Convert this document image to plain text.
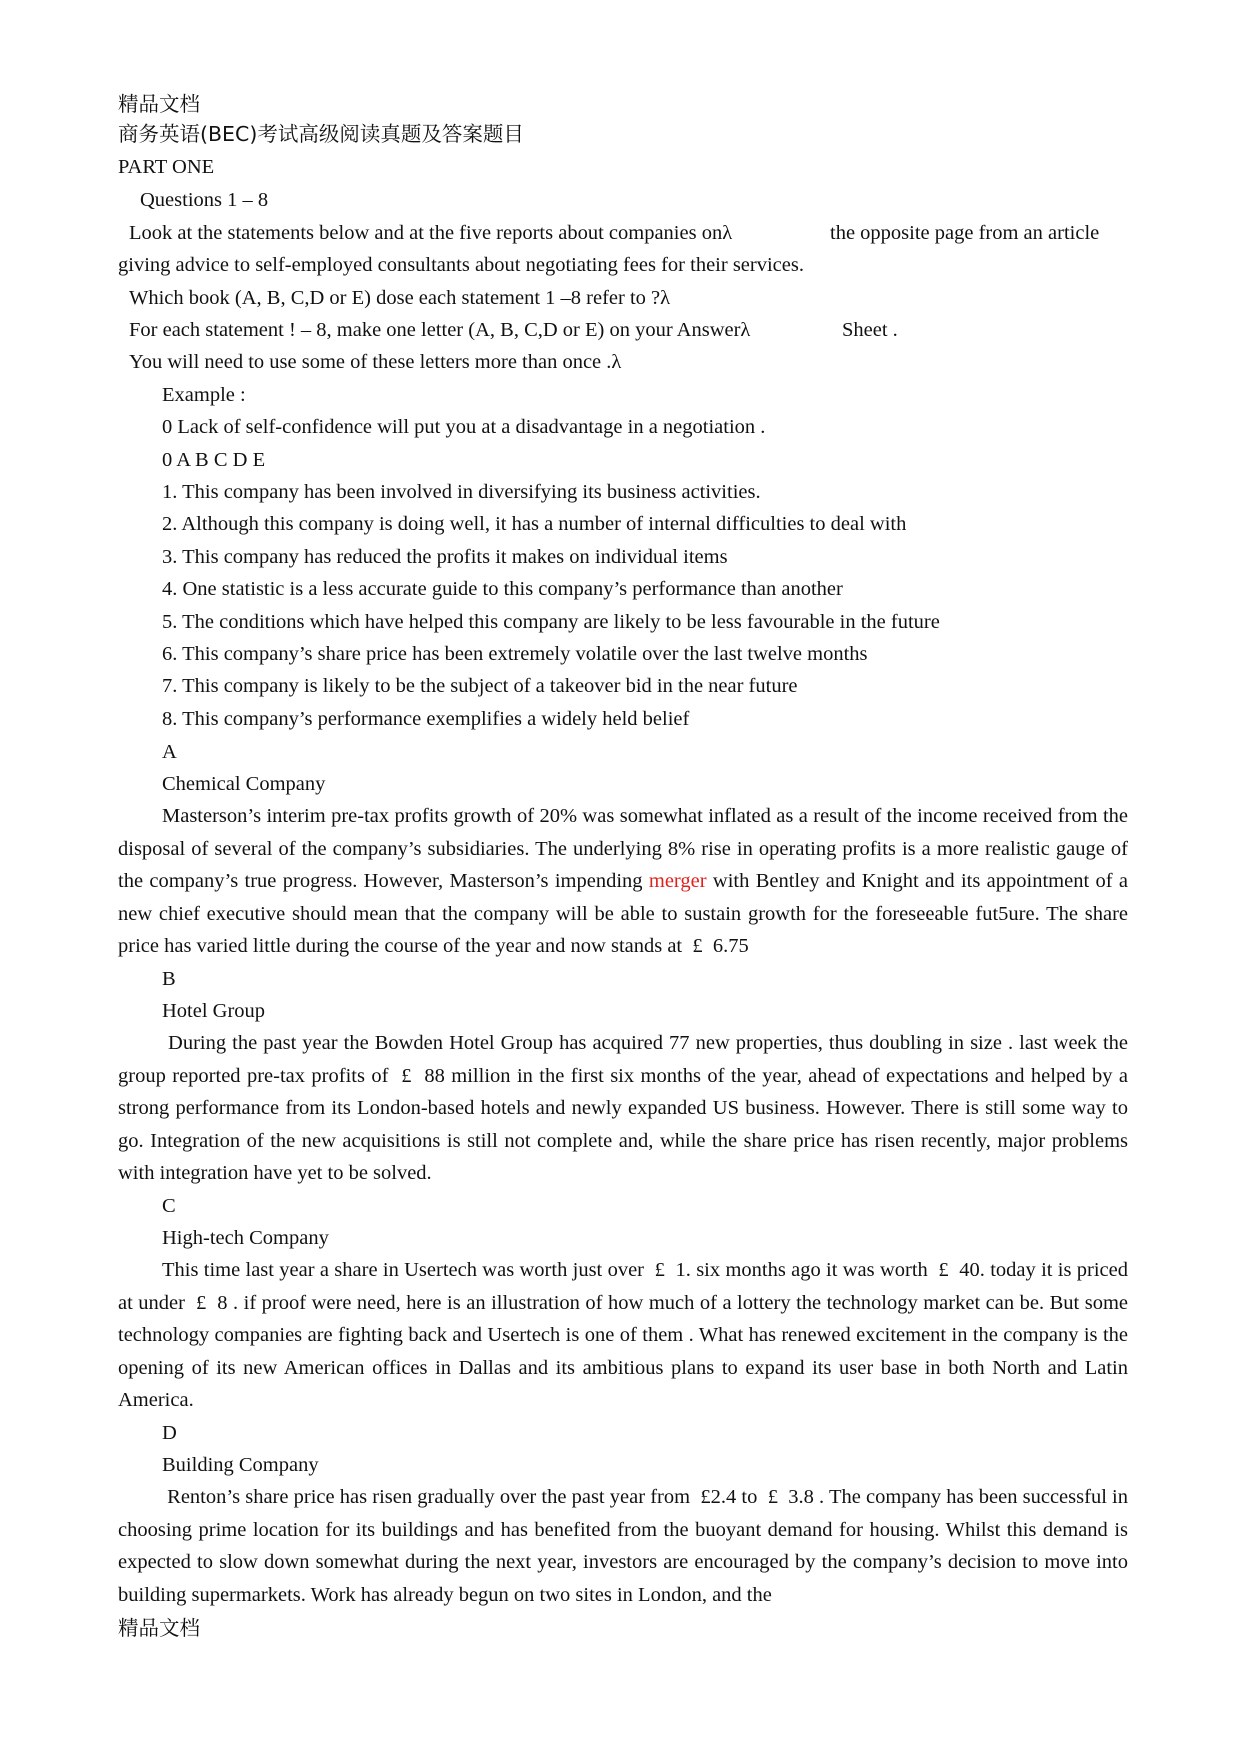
精品文档
商务英语(BEC)考试高级阅读真题及答案题目
PART ONE
Questions 1 – 8
Look at the statements below and at the five reports about companies onλ	the opposite page from an article
giving advice to self-employed consultants about negotiating fees for their services.
Which book (A, B, C,D or E) dose each statement 1 –8 refer to ?λ
For each statement ! – 8, make one letter (A, B, C,D or E) on your Answerλ	Sheet .
You will need to use some of these letters more than once .λ
Example :
0 Lack of self-confidence will put you at a disadvantage in a negotiation .
0 A B C D E
1. This company has been involved in diversifying its business activities.
2. Although this company is doing well, it has a number of internal difficulties to deal with
3. This company has reduced the profits it makes on individual items
4. One statistic is a less accurate guide to this company’s performance than another
5. The conditions which have helped this company are likely to be less favourable in the future
6. This company’s share price has been extremely volatile over the last twelve months
7. This company is likely to be the subject of a takeover bid in the near future
8. This company’s performance exemplifies a widely held belief
A
Chemical Company
Masterson’s interim pre-tax profits growth of 20% was somewhat inflated as a result of the income received from the disposal of several of the company’s subsidiaries. The underlying 8% rise in operating profits is a more realistic gauge of the company’s true progress. However, Masterson’s impending merger with Bentley and Knight and its appointment of a new chief executive should mean that the company will be able to sustain growth for the foreseeable fut5ure. The share price has varied little during the course of the year and now stands at  £  6.75
B
Hotel Group
During the past year the Bowden Hotel Group has acquired 77 new properties, thus doubling in size . last week the group reported pre-tax profits of  £  88 million in the first six months of the year, ahead of expectations and helped by a strong performance from its London-based hotels and newly expanded US business. However. There is still some way to go. Integration of the new acquisitions is still not complete and, while the share price has risen recently, major problems with integration have yet to be solved.
C
High-tech Company
This time last year a share in Usertech was worth just over  £  1. six months ago it was worth  £  40. today it is priced at under  £  8 . if proof were need, here is an illustration of how much of a lottery the technology market can be. But some technology companies are fighting back and Usertech is one of them . What has renewed excitement in the company is the opening of its new American offices in Dallas and its ambitious plans to expand its user base in both North and Latin America.
D
Building Company
Renton’s share price has risen gradually over the past year from  £2.4 to  £  3.8 . The company has been successful in choosing prime location for its buildings and has benefited from the buoyant demand for housing. Whilst this demand is expected to slow down somewhat during the next year, investors are encouraged by the company’s decision to move into building supermarkets. Work has already begun on two sites in London, and the
精品文档
